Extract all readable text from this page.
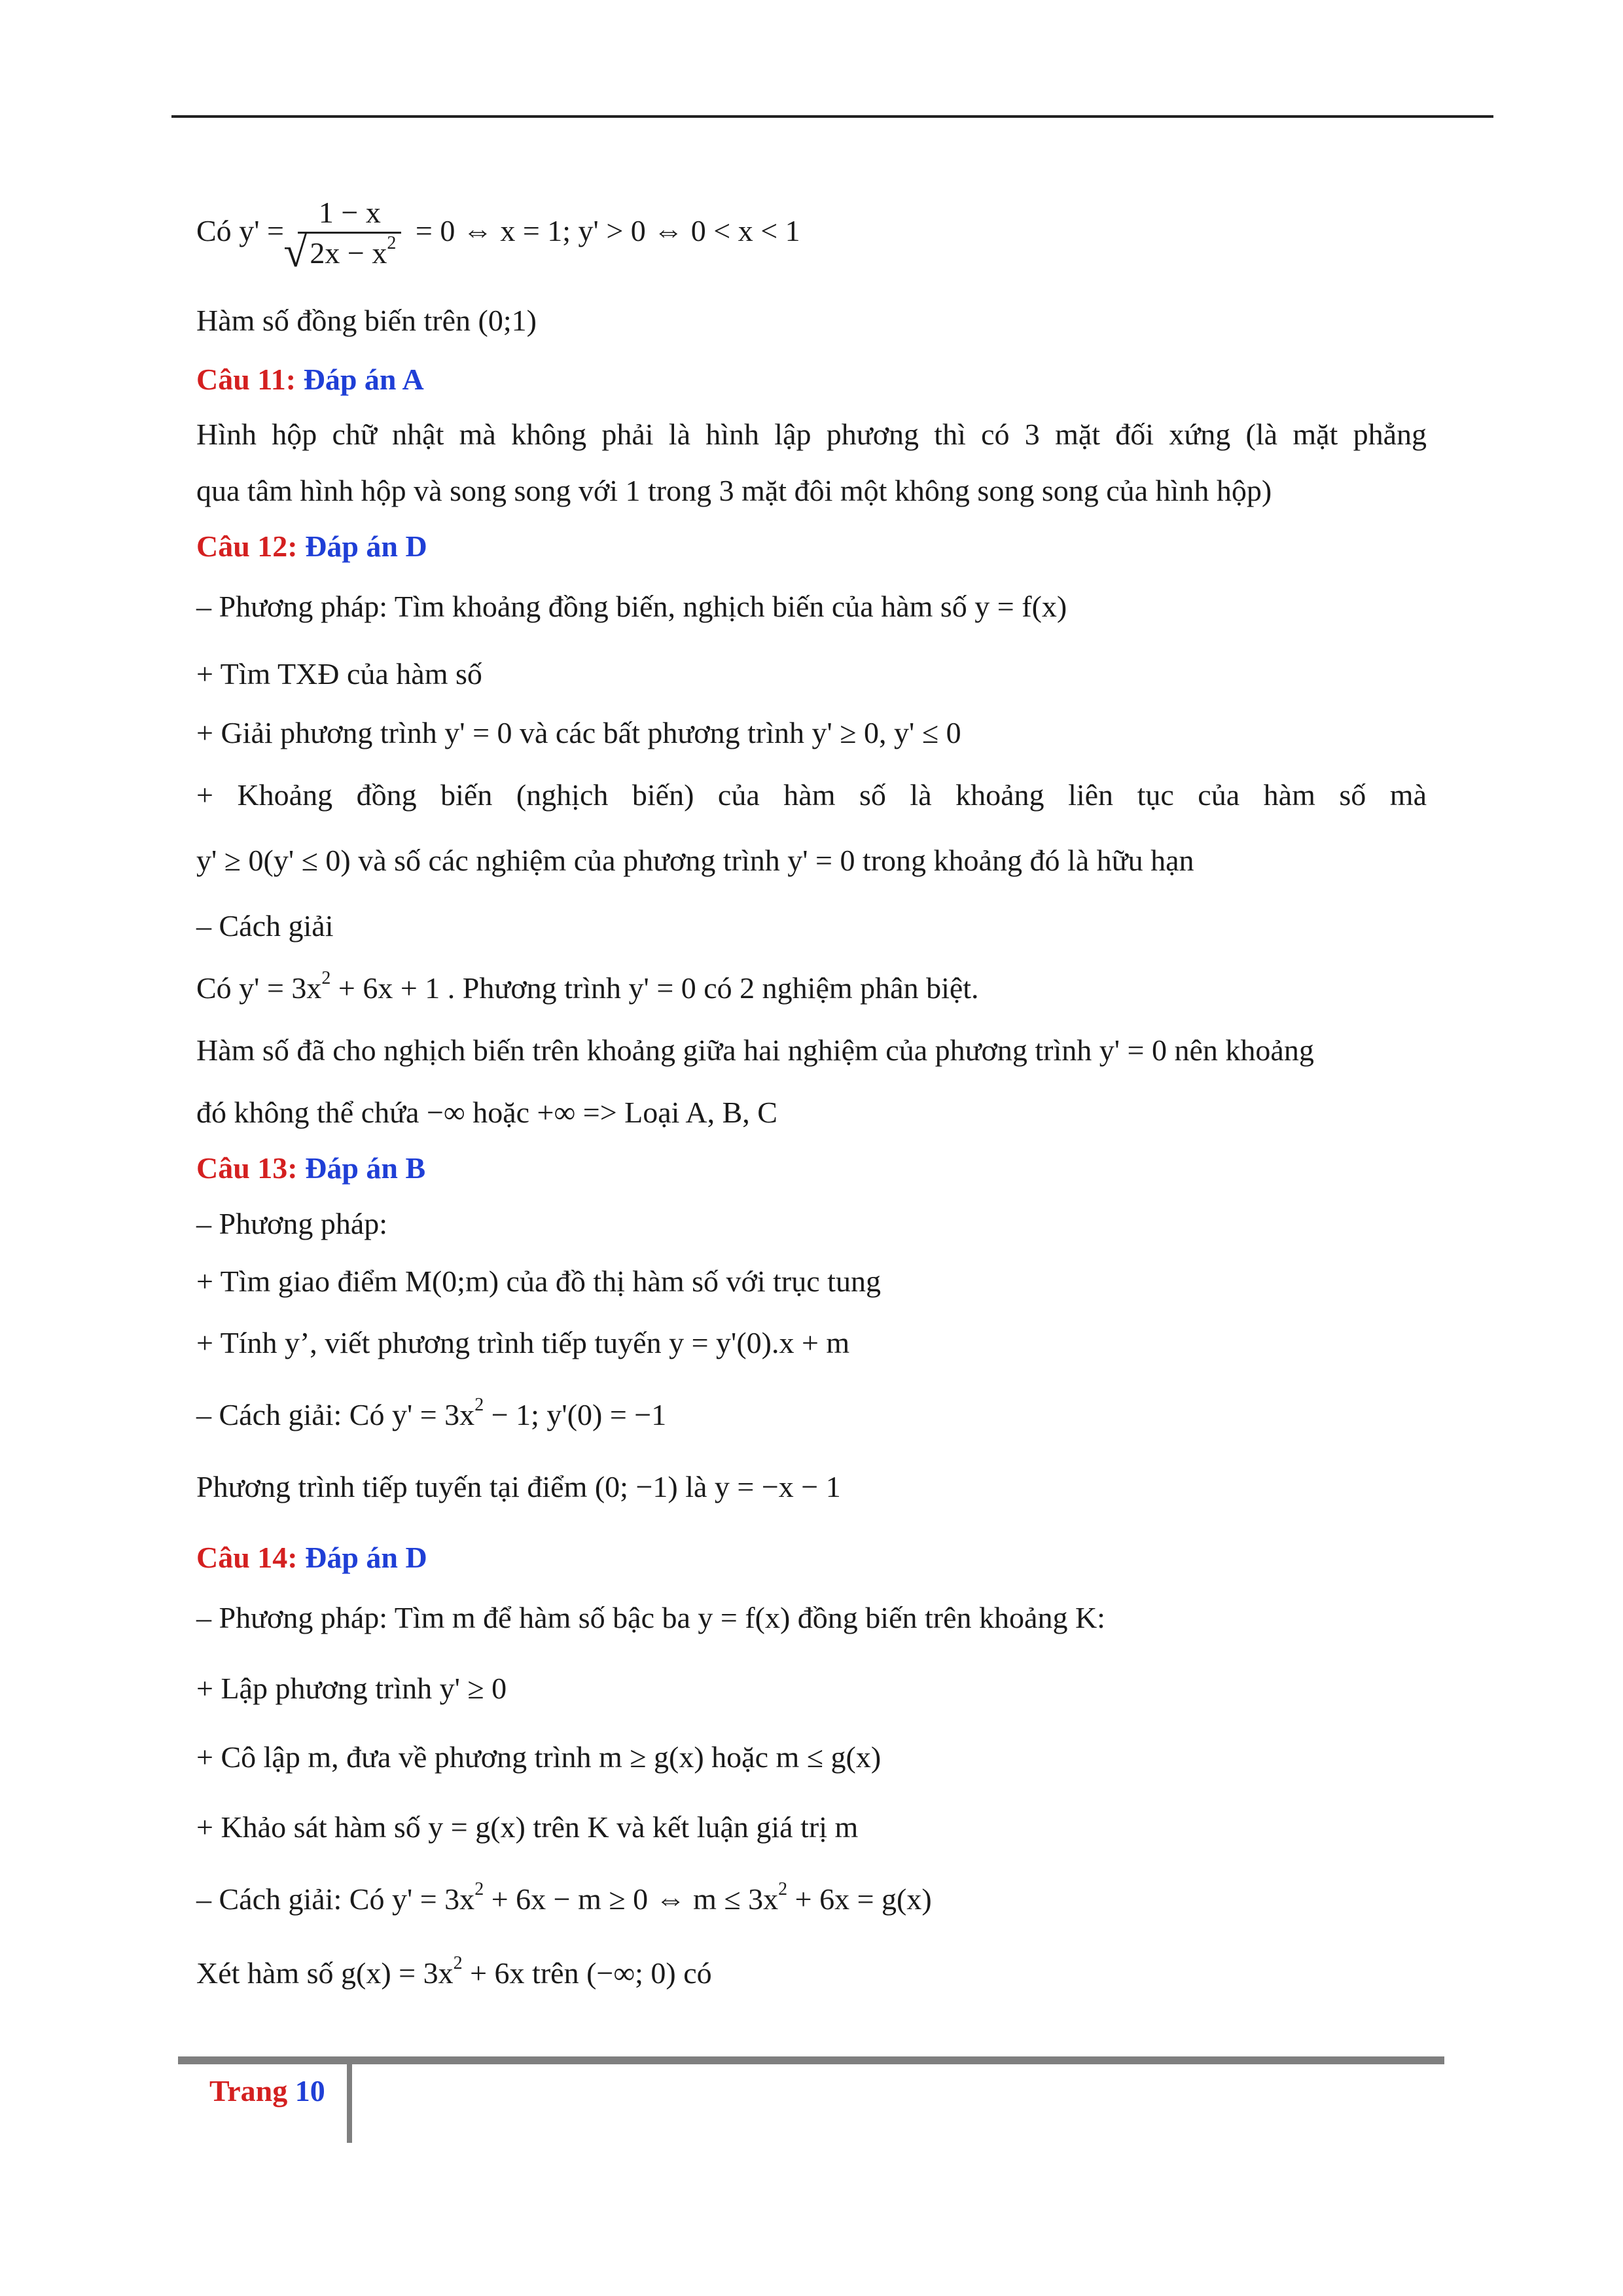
Có $y' = \frac{1 - x}{√ 2x - x^2} = 0$ ⇔ x = 1; y' > 0 ⇔ 0 < x < 1
Hàm số đồng biến trên (0;1)
Câu 11: Đáp án A
Hình hộp chữ nhật mà không phải là hình lập phương thì có 3 mặt đối xứng (là mặt phẳng
qua tâm hình hộp và song song với 1 trong 3 mặt đôi một không song song của hình hộp)
Câu 12: Đáp án D
– Phương pháp: Tìm khoảng đồng biến, nghịch biến của hàm số y = f(x)
+ Tìm TXĐ của hàm số
+ Giải phương trình y' = 0 và các bất phương trình y' ≥ 0, y' ≤ 0
+ Khoảng đồng biến (nghịch biến) của hàm số là khoảng liên tục của hàm số mà
y' ≥ 0(y' ≤ 0) và số các nghiệm của phương trình y' = 0 trong khoảng đó là hữu hạn
– Cách giải
Có $y' = 3x^2 + 6x + 1$ . Phương trình y' = 0 có 2 nghiệm phân biệt.
Hàm số đã cho nghịch biến trên khoảng giữa hai nghiệm của phương trình y' = 0 nên khoảng
đó không thể chứa −∞ hoặc +∞ => Loại A, B, C
Câu 13: Đáp án B
– Phương pháp:
+ Tìm giao điểm M(0;m) của đồ thị hàm số với trục tung
+ Tính y’, viết phương trình tiếp tuyến y = y'(0).x + m
– Cách giải: Có $y' = 3x^2 - 1$; y'(0) = −1
Phương trình tiếp tuyến tại điểm (0; −1) là y = −x − 1
Câu 14: Đáp án D
– Phương pháp: Tìm m để hàm số bậc ba y = f(x) đồng biến trên khoảng K:
+ Lập phương trình y' ≥ 0
+ Cô lập m, đưa về phương trình m ≥ g(x) hoặc m ≤ g(x)
+ Khảo sát hàm số y = g(x) trên K và kết luận giá trị m
– Cách giải: Có $y' = 3x^2 + 6x - m \ge 0$ ⇔ $m \le 3x^2 + 6x = g(x)$
Xét hàm số $g(x) = 3x^2 + 6x$ trên (−∞; 0) có
Trang 10
